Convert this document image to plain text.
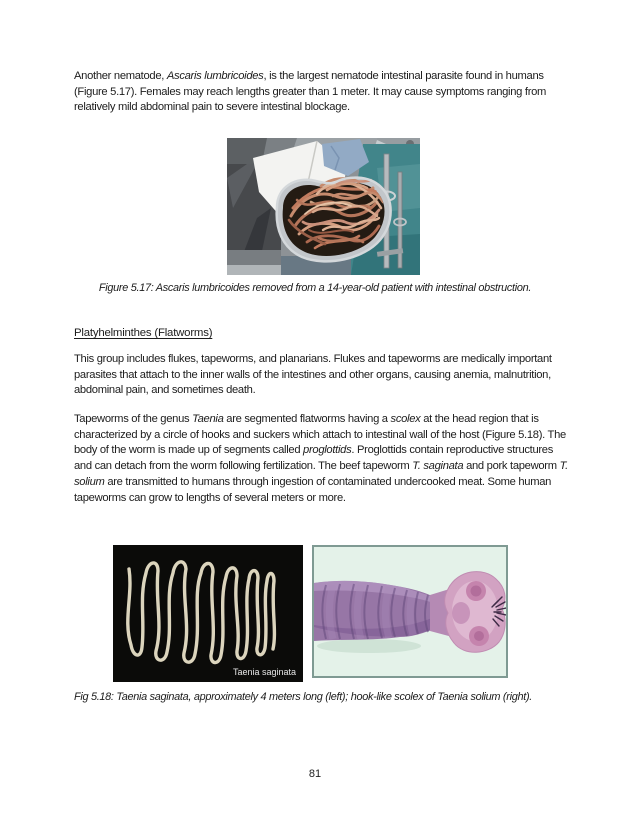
Another nematode, Ascaris lumbricoides, is the largest nematode intestinal parasite found in humans (Figure 5.17). Females may reach lengths greater than 1 meter. It may cause symptoms ranging from relatively mild abdominal pain to severe intestinal blockage.
Figure 5.17: Ascaris lumbricoides removed from a 14-year-old patient with intestinal obstruction.
Platyhelminthes (Flatworms)
This group includes flukes, tapeworms, and planarians. Flukes and tapeworms are medically important parasites that attach to the inner walls of the intestines and other organs, causing anemia, malnutrition, abdominal pain, and sometimes death.
Tapeworms of the genus Taenia are segmented flatworms having a scolex at the head region that is characterized by a circle of hooks and suckers which attach to intestinal wall of the host (Figure 5.18). The body of the worm is made up of segments called proglottids. Proglottids contain reproductive structures and can detach from the worm following fertilization. The beef tapeworm T. saginata and pork tapeworm T. solium are transmitted to humans through ingestion of contaminated undercooked meat. Some human tapeworms can grow to lengths of several meters or more.
Taenia saginata
Fig 5.18: Taenia saginata, approximately 4 meters long (left); hook-like scolex of Taenia solium (right).
81
